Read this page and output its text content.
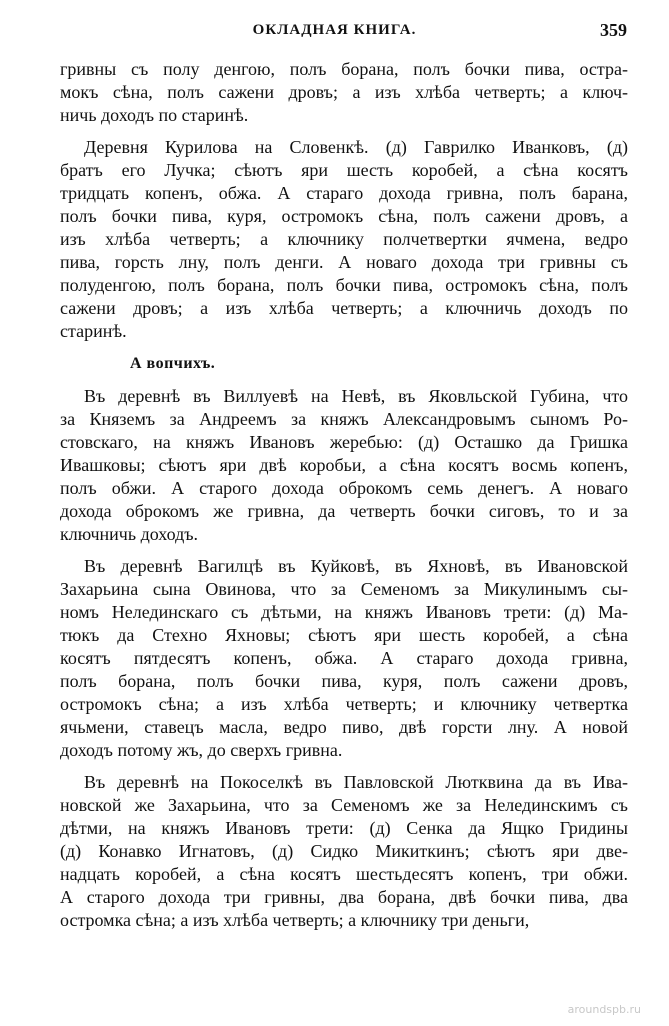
ОКЛАДНАЯ КНИГА.	359
гривны съ полу денгою, полъ борана, полъ бочки пива, остра-
мокъ сѣна, полъ сажени дровъ; а изъ хлѣба четверть; а ключ-
ничь доходъ по старинѣ.
Деревня Курилова на Словенкѣ. (д) Гаврилко Иванковъ, (д)
братъ его Лучка; сѣютъ яри шесть коробей, а сѣна косятъ
тридцать копенъ, обжа. А стараго дохода гривна, полъ барана,
полъ бочки пива, куря, остромокъ сѣна, полъ сажени дровъ, а
изъ хлѣба четверть; а ключнику полчетвертки ячмена, ведро
пива, горсть лну, полъ денги. А новаго дохода три гривны съ
полуденгою, полъ борана, полъ бочки пива, остромокъ сѣна, полъ
сажени дровъ; а изъ хлѣба четверть; а ключничь доходъ по
старинѣ.
А вопчихъ.
Въ деревнѣ въ Виллуевѣ на Невѣ, въ Яковльской Губина, что
за Княземъ за Андреемъ за княжъ Александровымъ сыномъ Ро-
стовскаго, на княжъ Ивановъ жеребью: (д) Осташко да Гришка
Ивашковы; сѣютъ яри двѣ коробьи, а сѣна косятъ восмь копенъ,
полъ обжи. А старого дохода оброкомъ семь денегъ. А новаго
дохода оброкомъ же гривна, да четверть бочки сиговъ, то и за
ключничь доходъ.
Въ деревнѣ Вагилцѣ въ Куйковѣ, въ Яхновѣ, въ Ивановской
Захарьина сына Овинова, что за Семеномъ за Микулинымъ сы-
номъ Нелединскаго съ дѣтьми, на княжъ Ивановъ трети: (д) Ма-
тюкъ да Стехно Яхновы; сѣютъ яри шесть коробей, а сѣна
косятъ пятдесятъ копенъ, обжа. А стараго дохода гривна,
полъ борана, полъ бочки пива, куря, полъ сажени дровъ,
остромокъ сѣна; а изъ хлѣба четверть; и ключнику четвертка
ячьмени, ставецъ масла, ведро пиво, двѣ горсти лну. А новой
доходъ потому жъ, до сверхъ гривна.
Въ деревнѣ на Покоселкѣ въ Павловской Лютквина да въ Ива-
новской же Захарьина, что за Семеномъ же за Нелединскимъ съ
дѣтми, на княжъ Ивановъ трети: (д) Сенка да Ящко Гридины
(д) Конавко Игнатовъ, (д) Сидко Микиткинъ; сѣютъ яри две-
надцать коробей, а сѣна косятъ шестьдесятъ копенъ, три обжи.
А старого дохода три гривны, два борана, двѣ бочки пива, два
остромка сѣна; а изъ хлѣба четверть; а ключнику три деньги,
aroundspb.ru
